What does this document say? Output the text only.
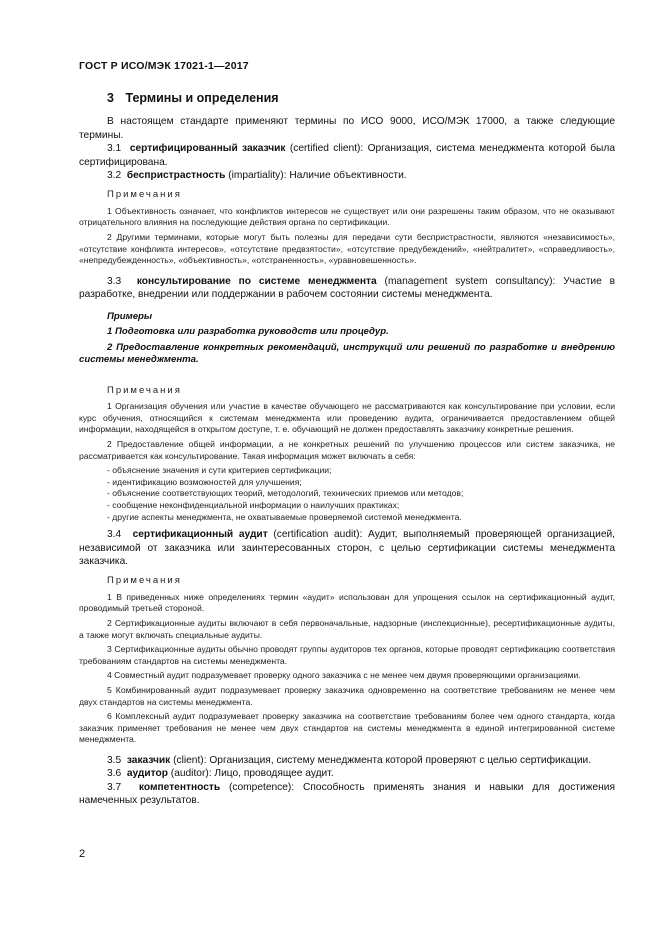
ГОСТ Р ИСО/МЭК 17021-1—2017
3 Термины и определения

В настоящем стандарте применяют термины по ИСО 9000, ИСО/МЭК 17000, а также следующие термины.

3.1 сертифицированный заказчик (certified client): Организация, система менеджмента которой была сертифицирована.

3.2 беспристрастность (impartiality): Наличие объективности.

Примечания

1 Объективность означает, что конфликтов интересов не существует или они разрешены таким образом, что не оказывают отрицательного влияния на последующие действия органа по сертификации.

2 Другими терминами, которые могут быть полезны для передачи сути беспристрастности, являются «независимость», «отсутствие конфликта интересов», «отсутствие предвзятости», «отсутствие предубеждений», «нейтралитет», «справедливость», «непредубежденность», «объективность», «отстраненность», «уравновешенность».

3.3 консультирование по системе менеджмента (management system consultancy): Участие в разработке, внедрении или поддержании в рабочем состоянии системы менеджмента.

Примеры

1 Подготовка или разработка руководств или процедур.

2 Предоставление конкретных рекомендаций, инструкций или решений по разработке и внедрению системы менеджмента.

Примечания

1 Организация обучения или участие в качестве обучающего не рассматриваются как консультирование при условии, если курс обучения, относящийся к системам менеджмента или проведению аудита, ограничивается предоставлением общей информации, находящейся в открытом доступе, т. е. обучающий не должен предоставлять заказчику конкретные решения.

2 Предоставление общей информации, а не конкретных решений по улучшению процессов или систем заказчика, не рассматривается как консультирование. Такая информация может включать в себя:

- объяснение значения и сути критериев сертификации;

- идентификацию возможностей для улучшения;

- объяснение соответствующих теорий, методологий, технических приемов или методов;

- сообщение неконфиденциальной информации о наилучших практиках;

- другие аспекты менеджмента, не охватываемые проверяемой системой менеджмента.

3.4 сертификационный аудит (certification audit): Аудит, выполняемый проверяющей организацией, независимой от заказчика или заинтересованных сторон, с целью сертификации системы менеджмента заказчика.

Примечания

1 В приведенных ниже определениях термин «аудит» использован для упрощения ссылок на сертификационный аудит, проводимый третьей стороной.

2 Сертификационные аудиты включают в себя первоначальные, надзорные (инспекционные), ресертификационные аудиты, а также могут включать специальные аудиты.

3 Сертификационные аудиты обычно проводят группы аудиторов тех органов, которые проводят сертификацию соответствия требованиям стандартов на системы менеджмента.

4 Совместный аудит подразумевает проверку одного заказчика с не менее чем двумя проверяющими организациями.

5 Комбинированный аудит подразумевает проверку заказчика одновременно на соответствие требованиям не менее чем двух стандартов на системы менеджмента.

6 Комплексный аудит подразумевает проверку заказчика на соответствие требованиям более чем одного стандарта, когда заказчик применяет требования не менее чем двух стандартов на системы менеджмента в единой интегрированной системе менеджмента.

3.5 заказчик (client): Организация, систему менеджмента которой проверяют с целью сертификации.

3.6 аудитор (auditor): Лицо, проводящее аудит.

3.7 компетентность (competence): Способность применять знания и навыки для достижения намеченных результатов.

2
